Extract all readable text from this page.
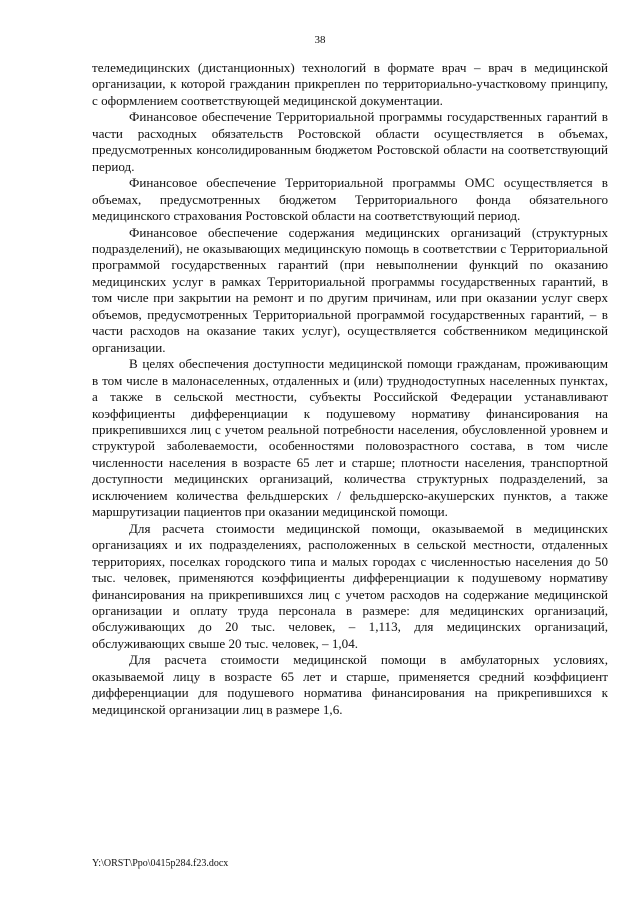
38

телемедицинских (дистанционных) технологий в формате врач – врач в медицинской организации, к которой гражданин прикреплен по территориально-участковому принципу, с оформлением соответствующей медицинской документации.

Финансовое обеспечение Территориальной программы государственных гарантий в части расходных обязательств Ростовской области осуществляется в объемах, предусмотренных консолидированным бюджетом Ростовской области на соответствующий период.

Финансовое обеспечение Территориальной программы ОМС осуществляется в объемах, предусмотренных бюджетом Территориального фонда обязательного медицинского страхования Ростовской области на соответствующий период.

Финансовое обеспечение содержания медицинских организаций (структурных подразделений), не оказывающих медицинскую помощь в соответствии с Территориальной программой государственных гарантий (при невыполнении функций по оказанию медицинских услуг в рамках Территориальной программы государственных гарантий, в том числе при закрытии на ремонт и по другим причинам, или при оказании услуг сверх объемов, предусмотренных Территориальной программой государственных гарантий, – в части расходов на оказание таких услуг), осуществляется собственником медицинской организации.

В целях обеспечения доступности медицинской помощи гражданам, проживающим в том числе в малонаселенных, отдаленных и (или) труднодоступных населенных пунктах, а также в сельской местности, субъекты Российской Федерации устанавливают коэффициенты дифференциации к подушевому нормативу финансирования на прикрепившихся лиц с учетом реальной потребности населения, обусловленной уровнем и структурой заболеваемости, особенностями половозрастного состава, в том числе численности населения в возрасте 65 лет и старше; плотности населения, транспортной доступности медицинских организаций, количества структурных подразделений, за исключением количества фельдшерских / фельдшерско-акушерских пунктов, а также маршрутизации пациентов при оказании медицинской помощи.

Для расчета стоимости медицинской помощи, оказываемой в медицинских организациях и их подразделениях, расположенных в сельской местности, отдаленных территориях, поселках городского типа и малых городах с численностью населения до 50 тыс. человек, применяются коэффициенты дифференциации к подушевому нормативу финансирования на прикрепившихся лиц с учетом расходов на содержание медицинской организации и оплату труда персонала в размере: для медицинских организаций, обслуживающих до 20 тыс. человек, – 1,113, для медицинских организаций, обслуживающих свыше 20 тыс. человек, – 1,04.

Для расчета стоимости медицинской помощи в амбулаторных условиях, оказываемой лицу в возрасте 65 лет и старше, применяется средний коэффициент дифференциации для подушевого норматива финансирования на прикрепившихся к медицинской организации лиц в размере 1,6.

Y:\ORST\Ppo\0415p284.f23.docx
